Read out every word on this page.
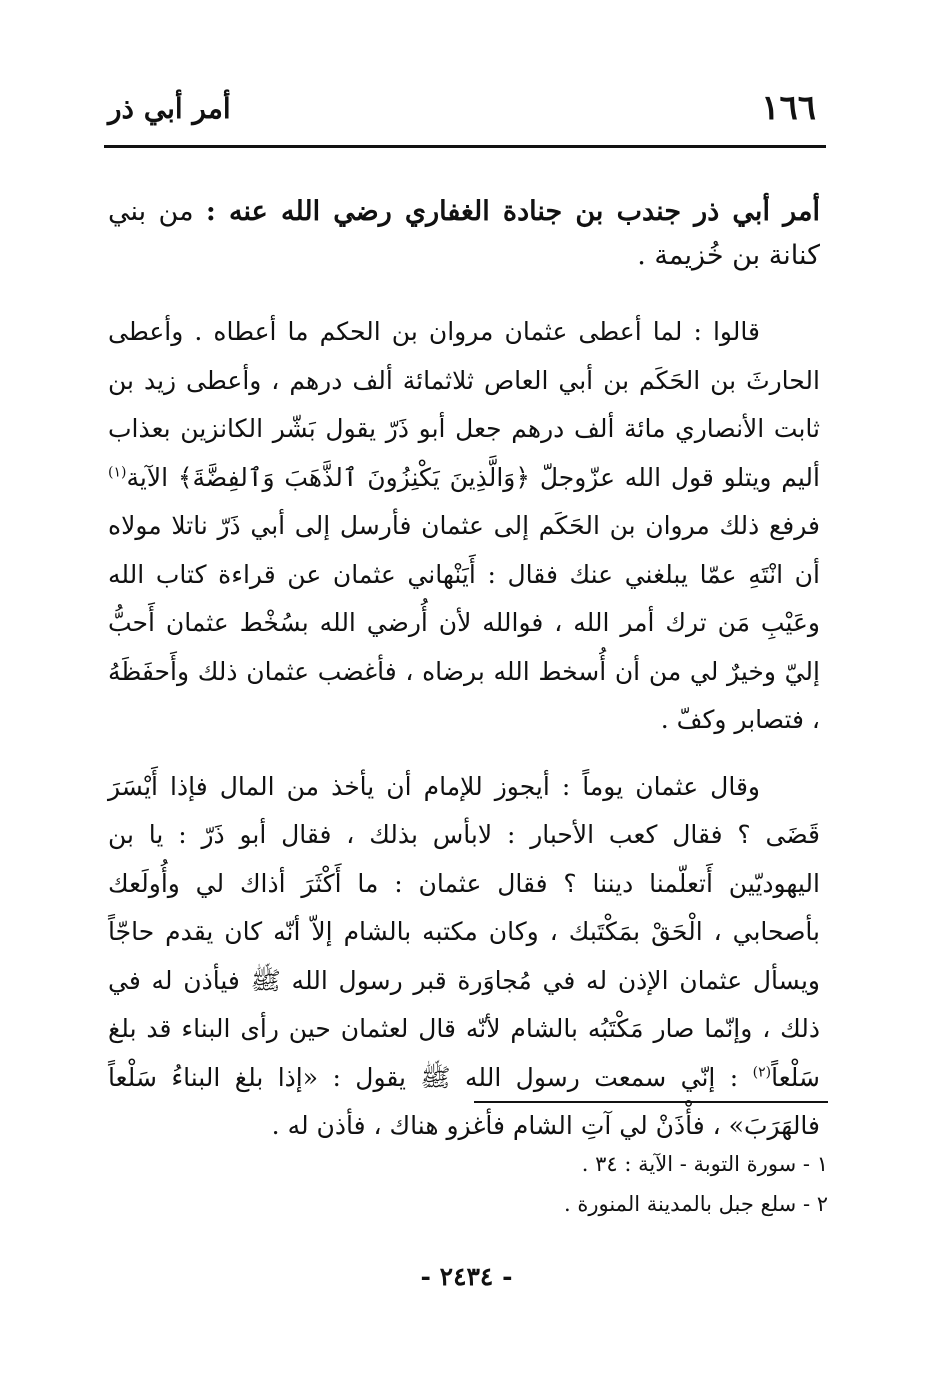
١٦٦
أمر أبي ذر

أمر أبي ذر جندب بن جنادة الغفاري رضي الله عنه : من بني كنانة بن خُزيمة .

قالوا : لما أعطى عثمان مروان بن الحكم ما أعطاه . وأعطى الحارثَ بن الحَكَم بن أبي العاص ثلاثمائة ألف درهم ، وأعطى زيد بن ثابت الأنصاري مائة ألف درهم جعل أبو ذَرّ يقول بَشّر الكانزين بعذاب أليم ويتلو قول الله عزّوجلّ ﴿وَالَّذِينَ يَكْنِزُونَ ٱلذَّهَبَ وَٱلفِضَّةَ﴾ الآية$^{(١)}$ فرفع ذلك مروان بن الحَكَم إلى عثمان فأرسل إلى أبي ذَرّ ناتلا مولاه أن انْتَهِ عمّا يبلغني عنك فقال : أَيَنْهاني عثمان عن قراءة كتاب الله وعَيْبِ مَن ترك أمر الله ، فوالله لأن أُرضي الله بسُخْط عثمان أَحبُّ إليّ وخيرٌ لي من أن أُسخط الله برضاه ، فأغضب عثمان ذلك وأَحفَظَهُ ، فتصابر وكفّ .

وقال عثمان يوماً : أيجوز للإمام أن يأخذ من المال فإذا أَيْسَرَ قَضَى ؟ فقال كعب الأحبار : لابأس بذلك ، فقال أبو ذَرّ : يا بن اليهوديّين أَتعلّمنا ديننا ؟ فقال عثمان : ما أَكْثَرَ أذاك لي وأُولَعك بأصحابي ، الْحَقْ بمَكْتَبك ، وكان مكتبه بالشام إلاّ أنّه كان يقدم حاجّاً ويسأل عثمان الإذن له في مُجاوَرة قبر رسول الله ﷺ فيأذن له في ذلك ، وإنّما صار مَكْتَبُه بالشام لأنّه قال لعثمان حين رأى البناء قد بلغ سَلْعاً$^{(٢)}$ : إنّي سمعت رسول الله ﷺ يقول : «إذا بلغ البناءُ سَلْعاً فالهَرَبَ» ، فأْذَنْ لي آتِ الشام فأغزو هناك ، فأذن له .

١ - سورة التوبة - الآية : ٣٤ .

٢ - سلع جبل بالمدينة المنورة .

- ٢٤٣٤ -
